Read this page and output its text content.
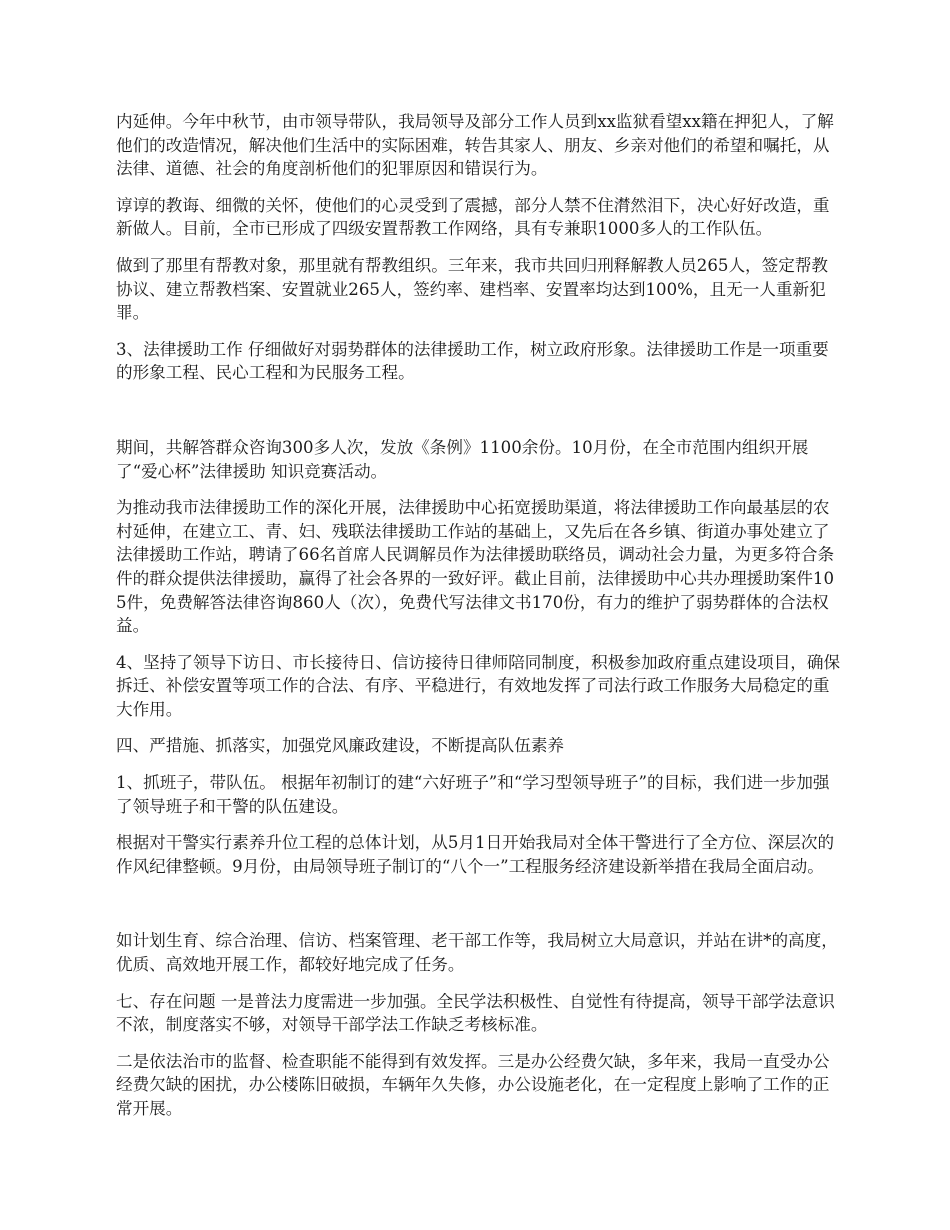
内延伸。今年中秋节，由市领导带队，我局领导及部分工作人员到xx监狱看望xx籍在押犯人，了解他们的改造情况，解决他们生活中的实际困难，转告其家人、朋友、乡亲对他们的希望和嘱托，从法律、道德、社会的角度剖析他们的犯罪原因和错误行为。

谆谆的教诲、细微的关怀，使他们的心灵受到了震撼，部分人禁不住潸然泪下，决心好好改造，重新做人。目前，全市已形成了四级安置帮教工作网络，具有专兼职1000多人的工作队伍。

做到了那里有帮教对象，那里就有帮教组织。三年来，我市共回归刑释解教人员265人，签定帮教协议、建立帮教档案、安置就业265人，签约率、建档率、安置率均达到100%，且无一人重新犯罪。

3、法律援助工作 仔细做好对弱势群体的法律援助工作，树立政府形象。法律援助工作是一项重要的形象工程、民心工程和为民服务工程。

期间，共解答群众咨询300多人次，发放《条例》1100余份。10月份，在全市范围内组织开展了“爱心杯”法律援助 知识竞赛活动。

为推动我市法律援助工作的深化开展，法律援助中心拓宽援助渠道，将法律援助工作向最基层的农村延伸，在建立工、青、妇、残联法律援助工作站的基础上，又先后在各乡镇、街道办事处建立了法律援助工作站，聘请了66名首席人民调解员作为法律援助联络员，调动社会力量，为更多符合条件的群众提供法律援助，赢得了社会各界的一致好评。截止目前，法律援助中心共办理援助案件105件，免费解答法律咨询860人（次），免费代写法律文书170份，有力的维护了弱势群体的合法权益。

4、坚持了领导下访日、市长接待日、信访接待日律师陪同制度，积极参加政府重点建设项目，确保拆迁、补偿安置等项工作的合法、有序、平稳进行，有效地发挥了司法行政工作服务大局稳定的重大作用。

四、严措施、抓落实，加强党风廉政建设，不断提高队伍素养

1、抓班子，带队伍。 根据年初制订的建“六好班子”和“学习型领导班子”的目标，我们进一步加强了领导班子和干警的队伍建设。

根据对干警实行素养升位工程的总体计划，从5月1日开始我局对全体干警进行了全方位、深层次的作风纪律整顿。9月份，由局领导班子制订的“八个一”工程服务经济建设新举措在我局全面启动。

如计划生育、综合治理、信访、档案管理、老干部工作等，我局树立大局意识，并站在讲*的高度，优质、高效地开展工作，都较好地完成了任务。

七、存在问题 一是普法力度需进一步加强。全民学法积极性、自觉性有待提高，领导干部学法意识不浓，制度落实不够，对领导干部学法工作缺乏考核标准。

二是依法治市的监督、检查职能不能得到有效发挥。三是办公经费欠缺，多年来，我局一直受办公经费欠缺的困扰，办公楼陈旧破损，车辆年久失修，办公设施老化，在一定程度上影响了工作的正常开展。
